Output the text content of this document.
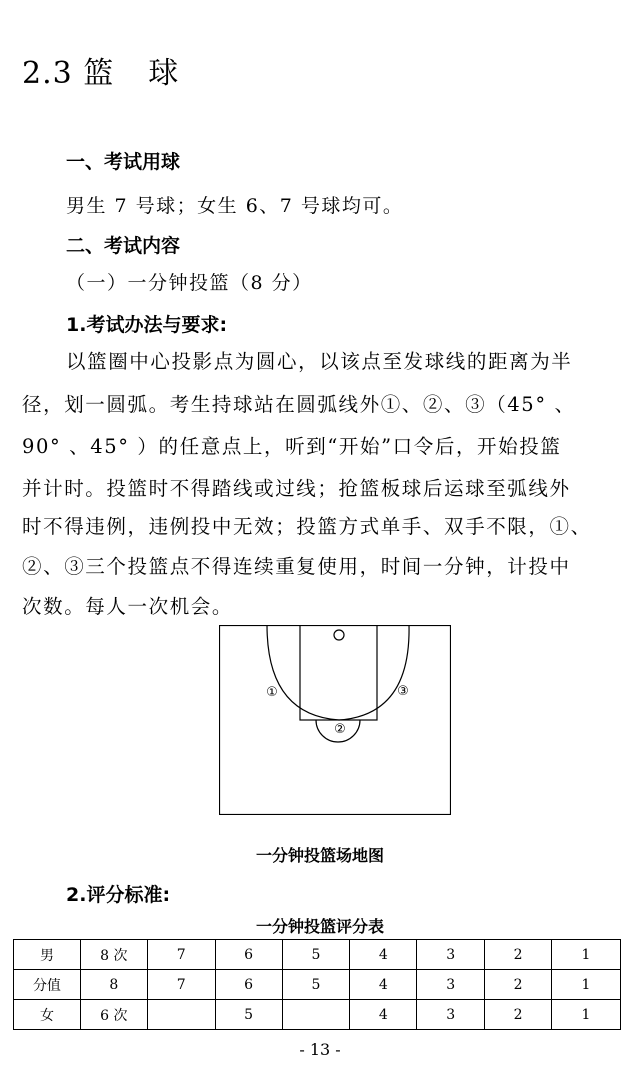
2.3 篮 球
一、考试用球
男生 7 号球；女生 6、7 号球均可。
二、考试内容
（一）一分钟投篮（8 分）
1.考试办法与要求:
以篮圈中心投影点为圆心，以该点至发球线的距离为半
径，划一圆弧。考生持球站在圆弧线外①、②、③（45° 、
90° 、45° ）的任意点上，听到“开始”口令后，开始投篮
并计时。投篮时不得踏线或过线；抢篮板球后运球至弧线外
时不得违例，违例投中无效；投篮方式单手、双手不限，①、
②、③三个投篮点不得连续重复使用，时间一分钟，计投中
次数。每人一次机会。
①
②
③
一分钟投篮场地图
2.评分标准:
一分钟投篮评分表
男	8 次	7	6	5	4	3	2	1
分值	8	7	6	5	4	3	2	1
女	6 次		5		4	3	2	1
- 13 -
